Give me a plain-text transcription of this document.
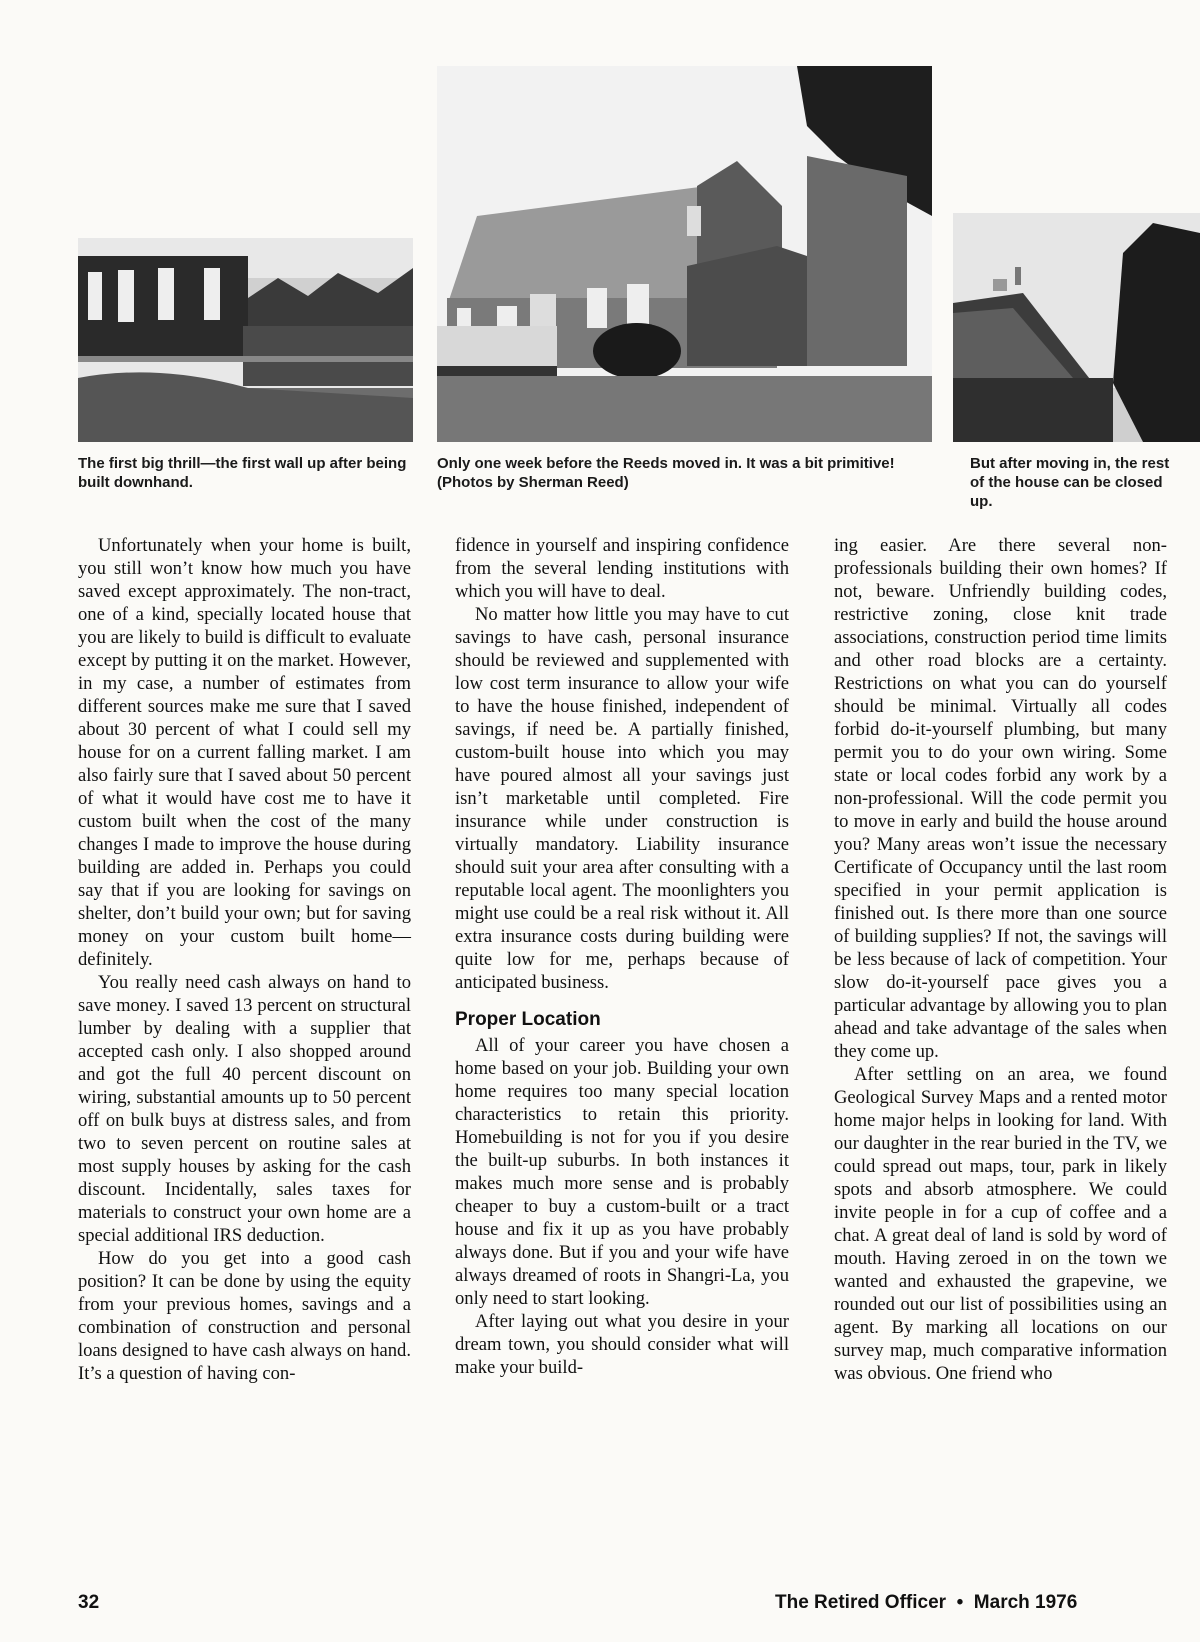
The first big thrill—the first wall up after being built downhand.
Only one week before the Reeds moved in. It was a bit primitive! (Photos by Sherman Reed)
But after moving in, the rest of the house can be closed up.

Unfortunately when your home is built, you still won’t know how much you have saved except approximately. The non-tract, one of a kind, specially located house that you are likely to build is difficult to evaluate except by putting it on the market. However, in my case, a number of estimates from different sources make me sure that I saved about 30 percent of what I could sell my house for on a current falling market. I am also fairly sure that I saved about 50 percent of what it would have cost me to have it custom built when the cost of the many changes I made to improve the house during building are added in. Perhaps you could say that if you are looking for savings on shelter, don’t build your own; but for saving money on your custom built home—definitely.

You really need cash always on hand to save money. I saved 13 percent on structural lumber by dealing with a supplier that accepted cash only. I also shopped around and got the full 40 percent discount on wiring, substantial amounts up to 50 percent off on bulk buys at distress sales, and from two to seven percent on routine sales at most supply houses by asking for the cash discount. Incidentally, sales taxes for materials to construct your own home are a special additional IRS deduction.

How do you get into a good cash position? It can be done by using the equity from your previous homes, savings and a combination of construction and personal loans designed to have cash always on hand. It’s a question of having con-

fidence in yourself and inspiring confidence from the several lending institutions with which you will have to deal.

No matter how little you may have to cut savings to have cash, personal insurance should be reviewed and supplemented with low cost term insurance to allow your wife to have the house finished, independent of savings, if need be. A partially finished, custom-built house into which you may have poured almost all your savings just isn’t marketable until completed. Fire insurance while under construction is virtually mandatory. Liability insurance should suit your area after consulting with a reputable local agent. The moonlighters you might use could be a real risk without it. All extra insurance costs during building were quite low for me, perhaps because of anticipated business.

Proper Location

All of your career you have chosen a home based on your job. Building your own home requires too many special location characteristics to retain this priority. Homebuilding is not for you if you desire the built-up suburbs. In both instances it makes much more sense and is probably cheaper to buy a custom-built or a tract house and fix it up as you have probably always done. But if you and your wife have always dreamed of roots in Shangri-La, you only need to start looking.

After laying out what you desire in your dream town, you should consider what will make your build-

ing easier. Are there several nonprofessionals building their own homes? If not, beware. Unfriendly building codes, restrictive zoning, close knit trade associations, construction period time limits and other road blocks are a certainty. Restrictions on what you can do yourself should be minimal. Virtually all codes forbid do-it-yourself plumbing, but many permit you to do your own wiring. Some state or local codes forbid any work by a non-professional. Will the code permit you to move in early and build the house around you? Many areas won’t issue the necessary Certificate of Occupancy until the last room specified in your permit application is finished out. Is there more than one source of building supplies? If not, the savings will be less because of lack of competition. Your slow do-it-yourself pace gives you a particular advantage by allowing you to plan ahead and take advantage of the sales when they come up.

After settling on an area, we found Geological Survey Maps and a rented motor home major helps in looking for land. With our daughter in the rear buried in the TV, we could spread out maps, tour, park in likely spots and absorb atmosphere. We could invite people in for a cup of coffee and a chat. A great deal of land is sold by word of mouth. Having zeroed in on the town we wanted and exhausted the grapevine, we rounded out our list of possibilities using an agent. By marking all locations on our survey map, much comparative information was obvious. One friend who

32	The Retired Officer  •  March 1976
